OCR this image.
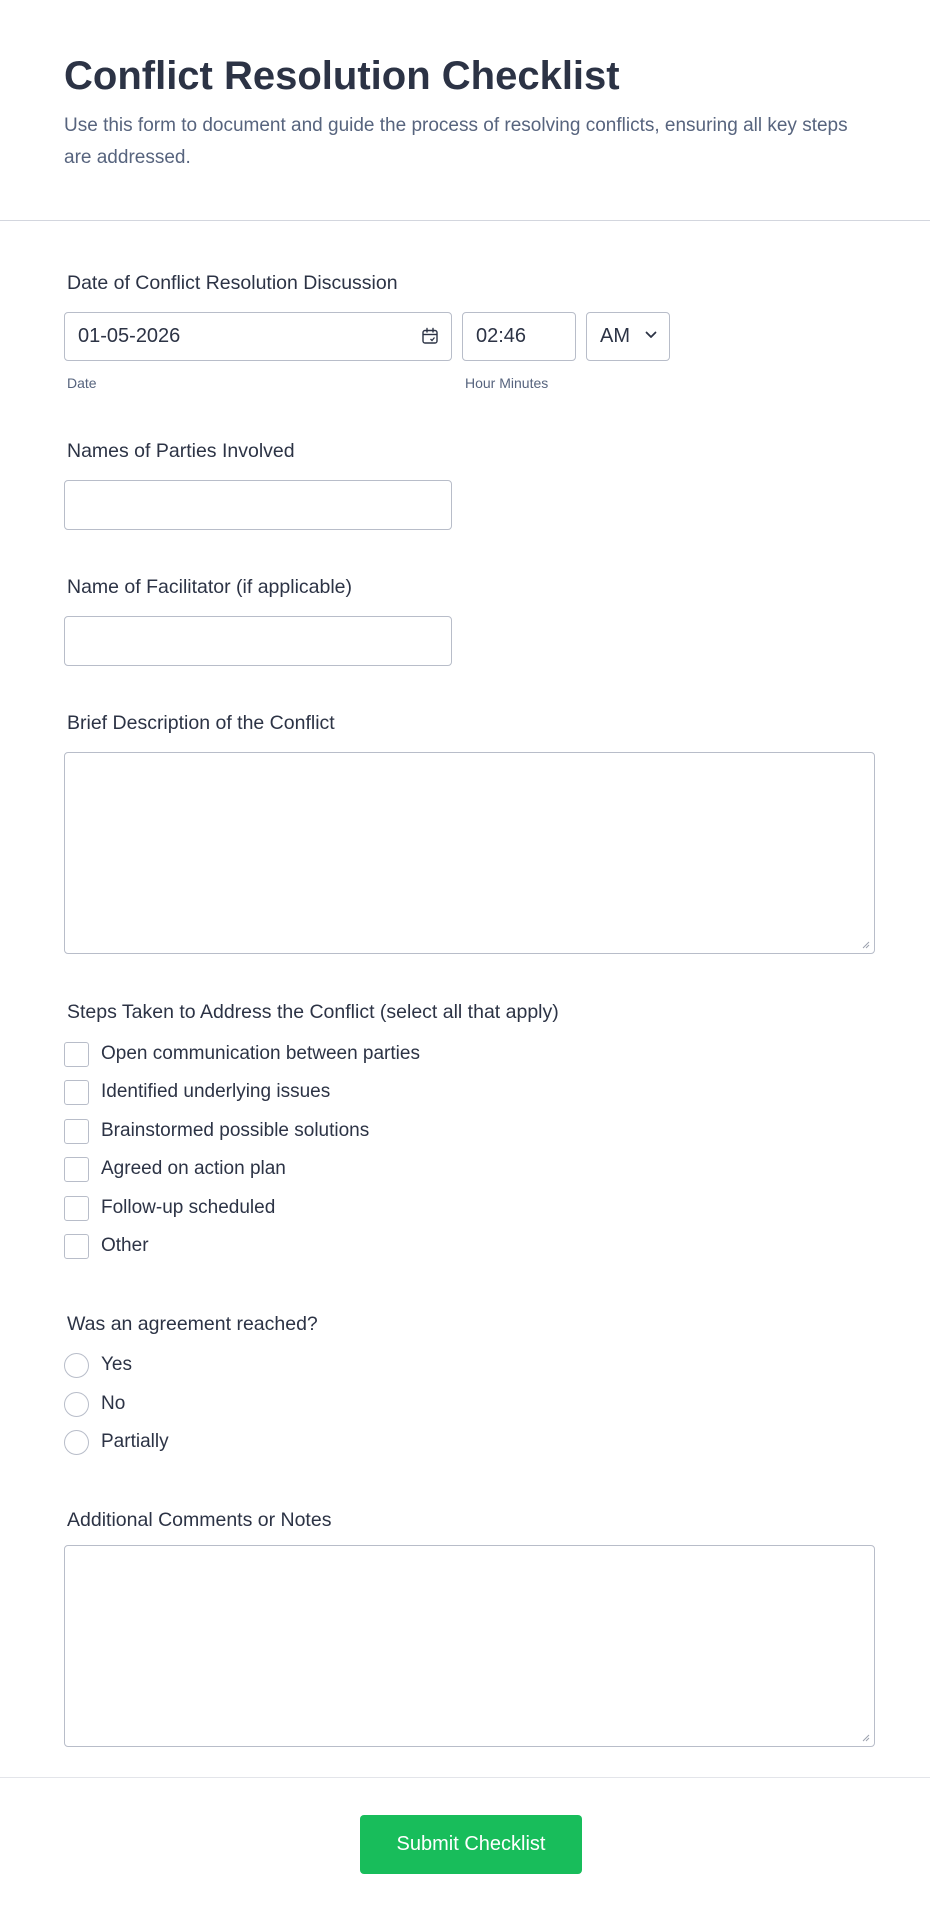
Conflict Resolution Checklist
Use this form to document and guide the process of resolving conflicts, ensuring all key steps are addressed.
Date of Conflict Resolution Discussion
01-05-2026
Date
02:46
Hour Minutes
AM
Names of Parties Involved
Name of Facilitator (if applicable)
Brief Description of the Conflict
Steps Taken to Address the Conflict (select all that apply)
Open communication between parties
Identified underlying issues
Brainstormed possible solutions
Agreed on action plan
Follow-up scheduled
Other
Was an agreement reached?
Yes
No
Partially
Additional Comments or Notes
Submit Checklist
